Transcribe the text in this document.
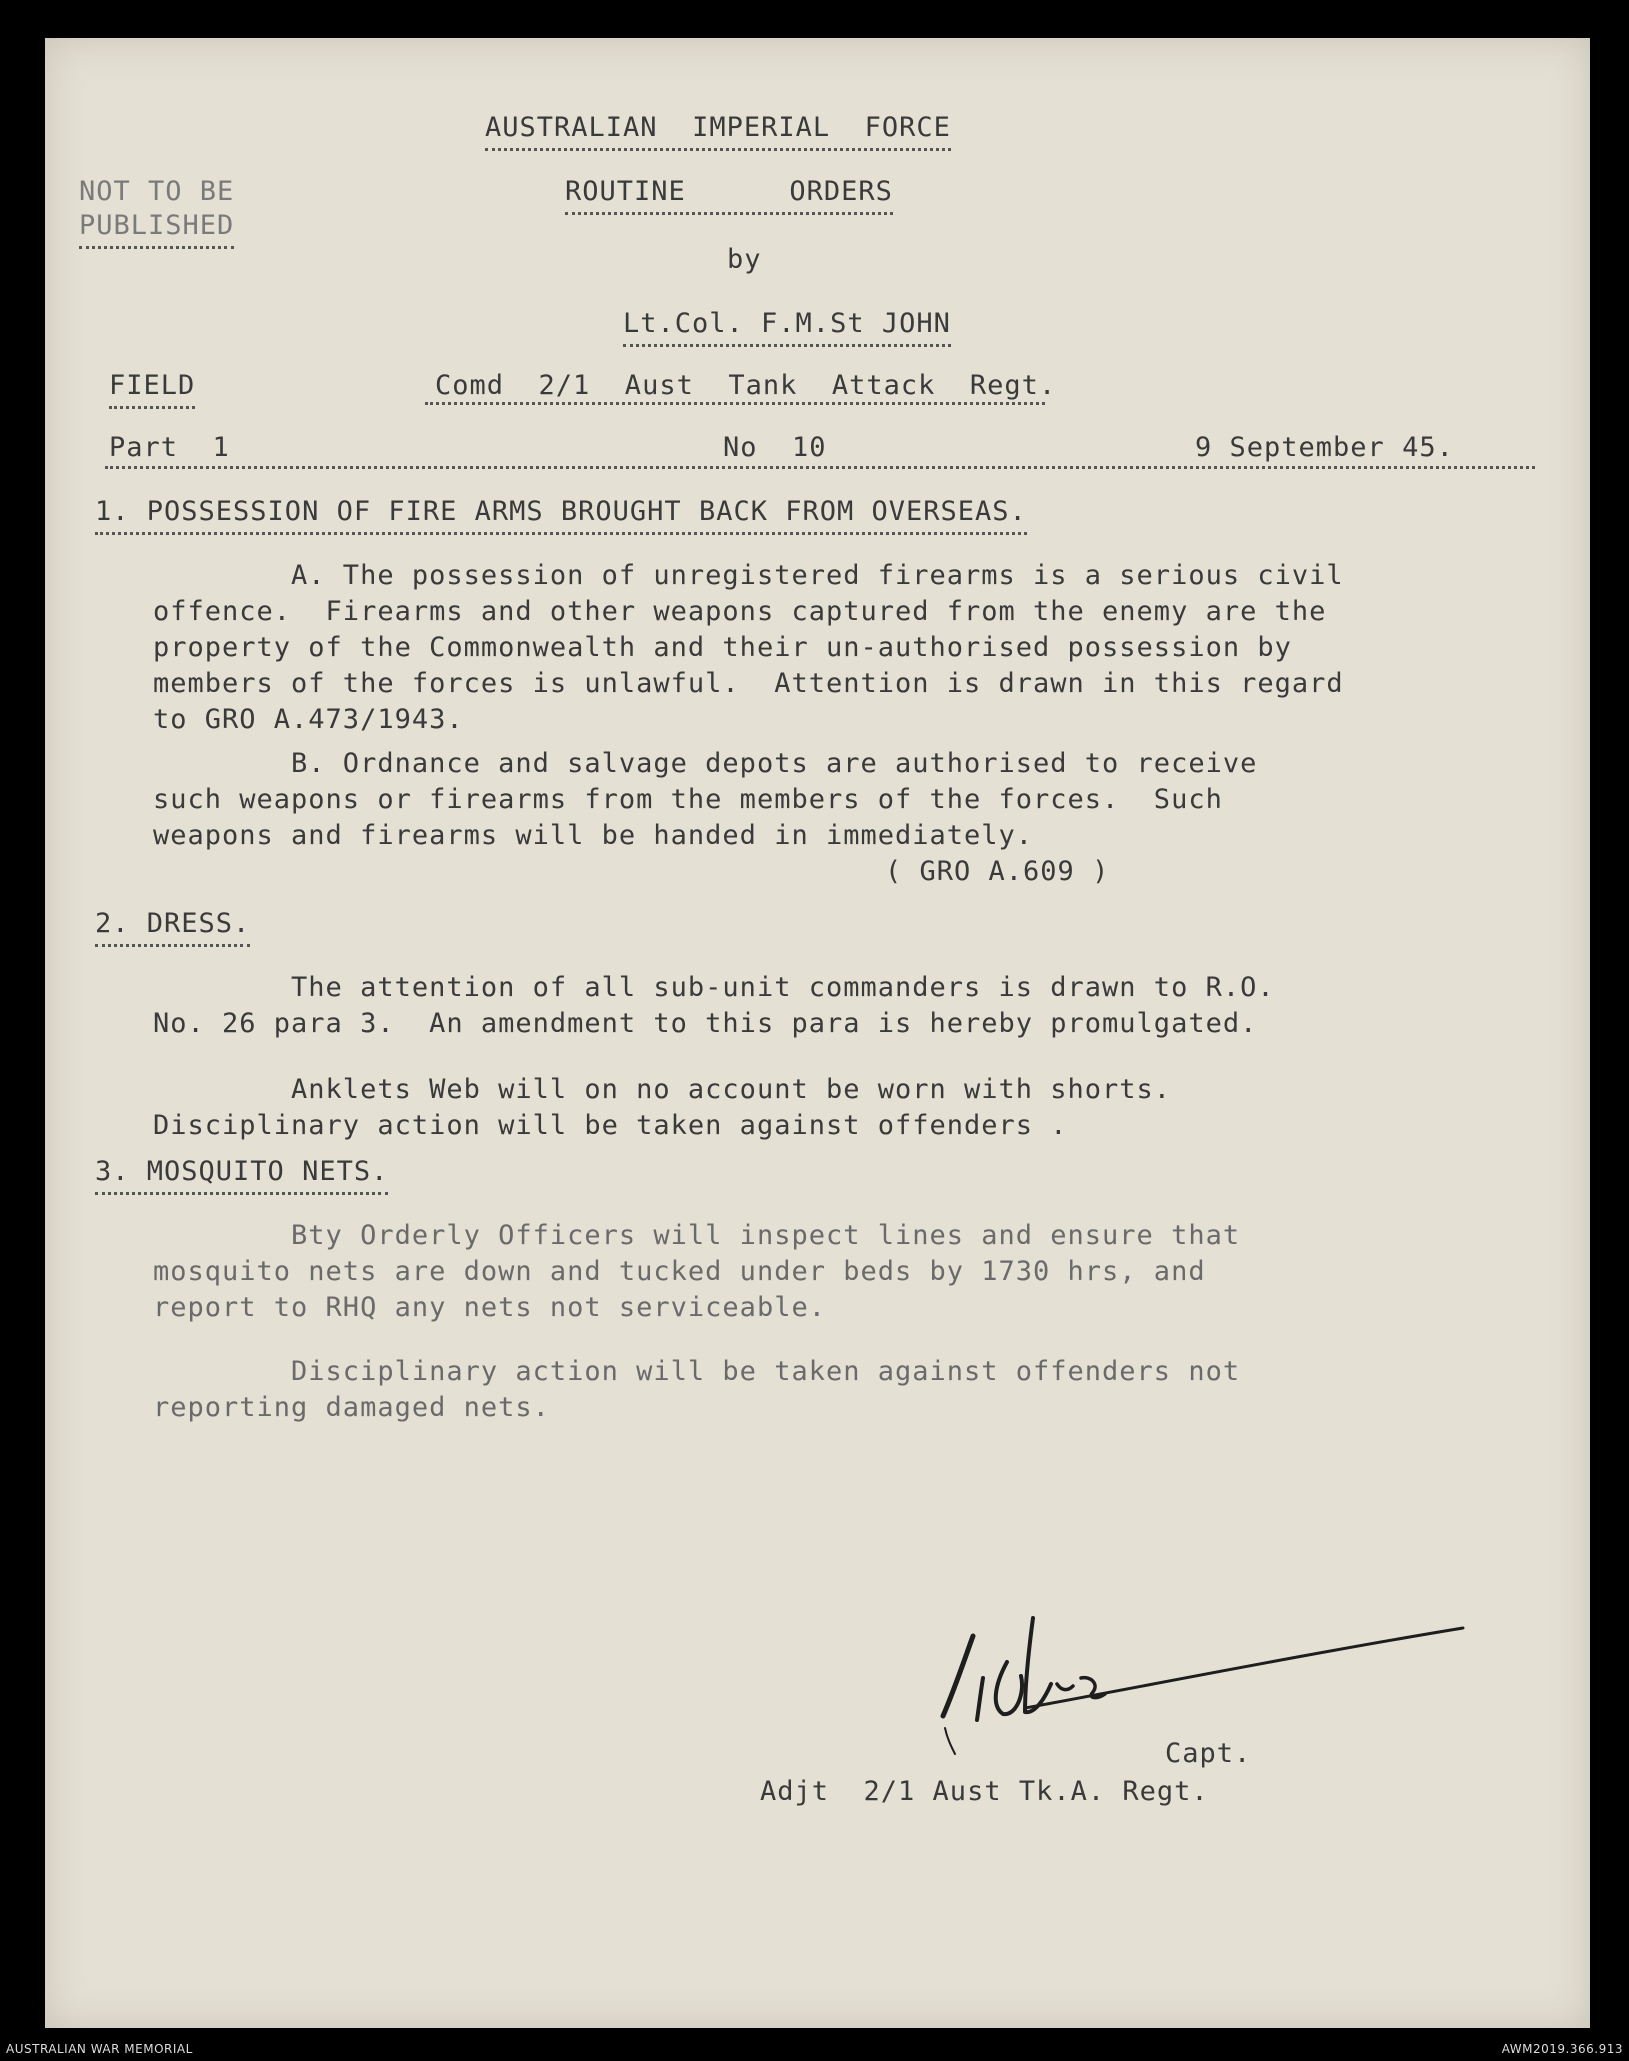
AUSTRALIAN  IMPERIAL  FORCE
NOT TO BE
PUBLISHED
ROUTINE      ORDERS
by
Lt.Col. F.M.St JOHN
FIELD	Comd  2/1  Aust  Tank  Attack  Regt.
Part  1	No  10	9 September 45.
1. POSSESSION OF FIRE ARMS BROUGHT BACK FROM OVERSEAS.
A. The possession of unregistered firearms is a serious civil
offence.  Firearms and other weapons captured from the enemy are the
property of the Commonwealth and their un-authorised possession by
members of the forces is unlawful.  Attention is drawn in this regard
to GRO A.473/1943.
B. Ordnance and salvage depots are authorised to receive
such weapons or firearms from the members of the forces.  Such
weapons and firearms will be handed in immediately.
( GRO A.609 )
2. DRESS.
The attention of all sub-unit commanders is drawn to R.O.
No. 26 para 3.  An amendment to this para is hereby promulgated.
Anklets Web will on no account be worn with shorts.
Disciplinary action will be taken against offenders .
3. MOSQUITO NETS.
Bty Orderly Officers will inspect lines and ensure that
mosquito nets are down and tucked under beds by 1730 hrs, and
report to RHQ any nets not serviceable.
Disciplinary action will be taken against offenders not
reporting damaged nets.
Capt.
Adjt  2/1 Aust Tk.A. Regt.
AUSTRALIAN WAR MEMORIAL	AWM2019.366.913
